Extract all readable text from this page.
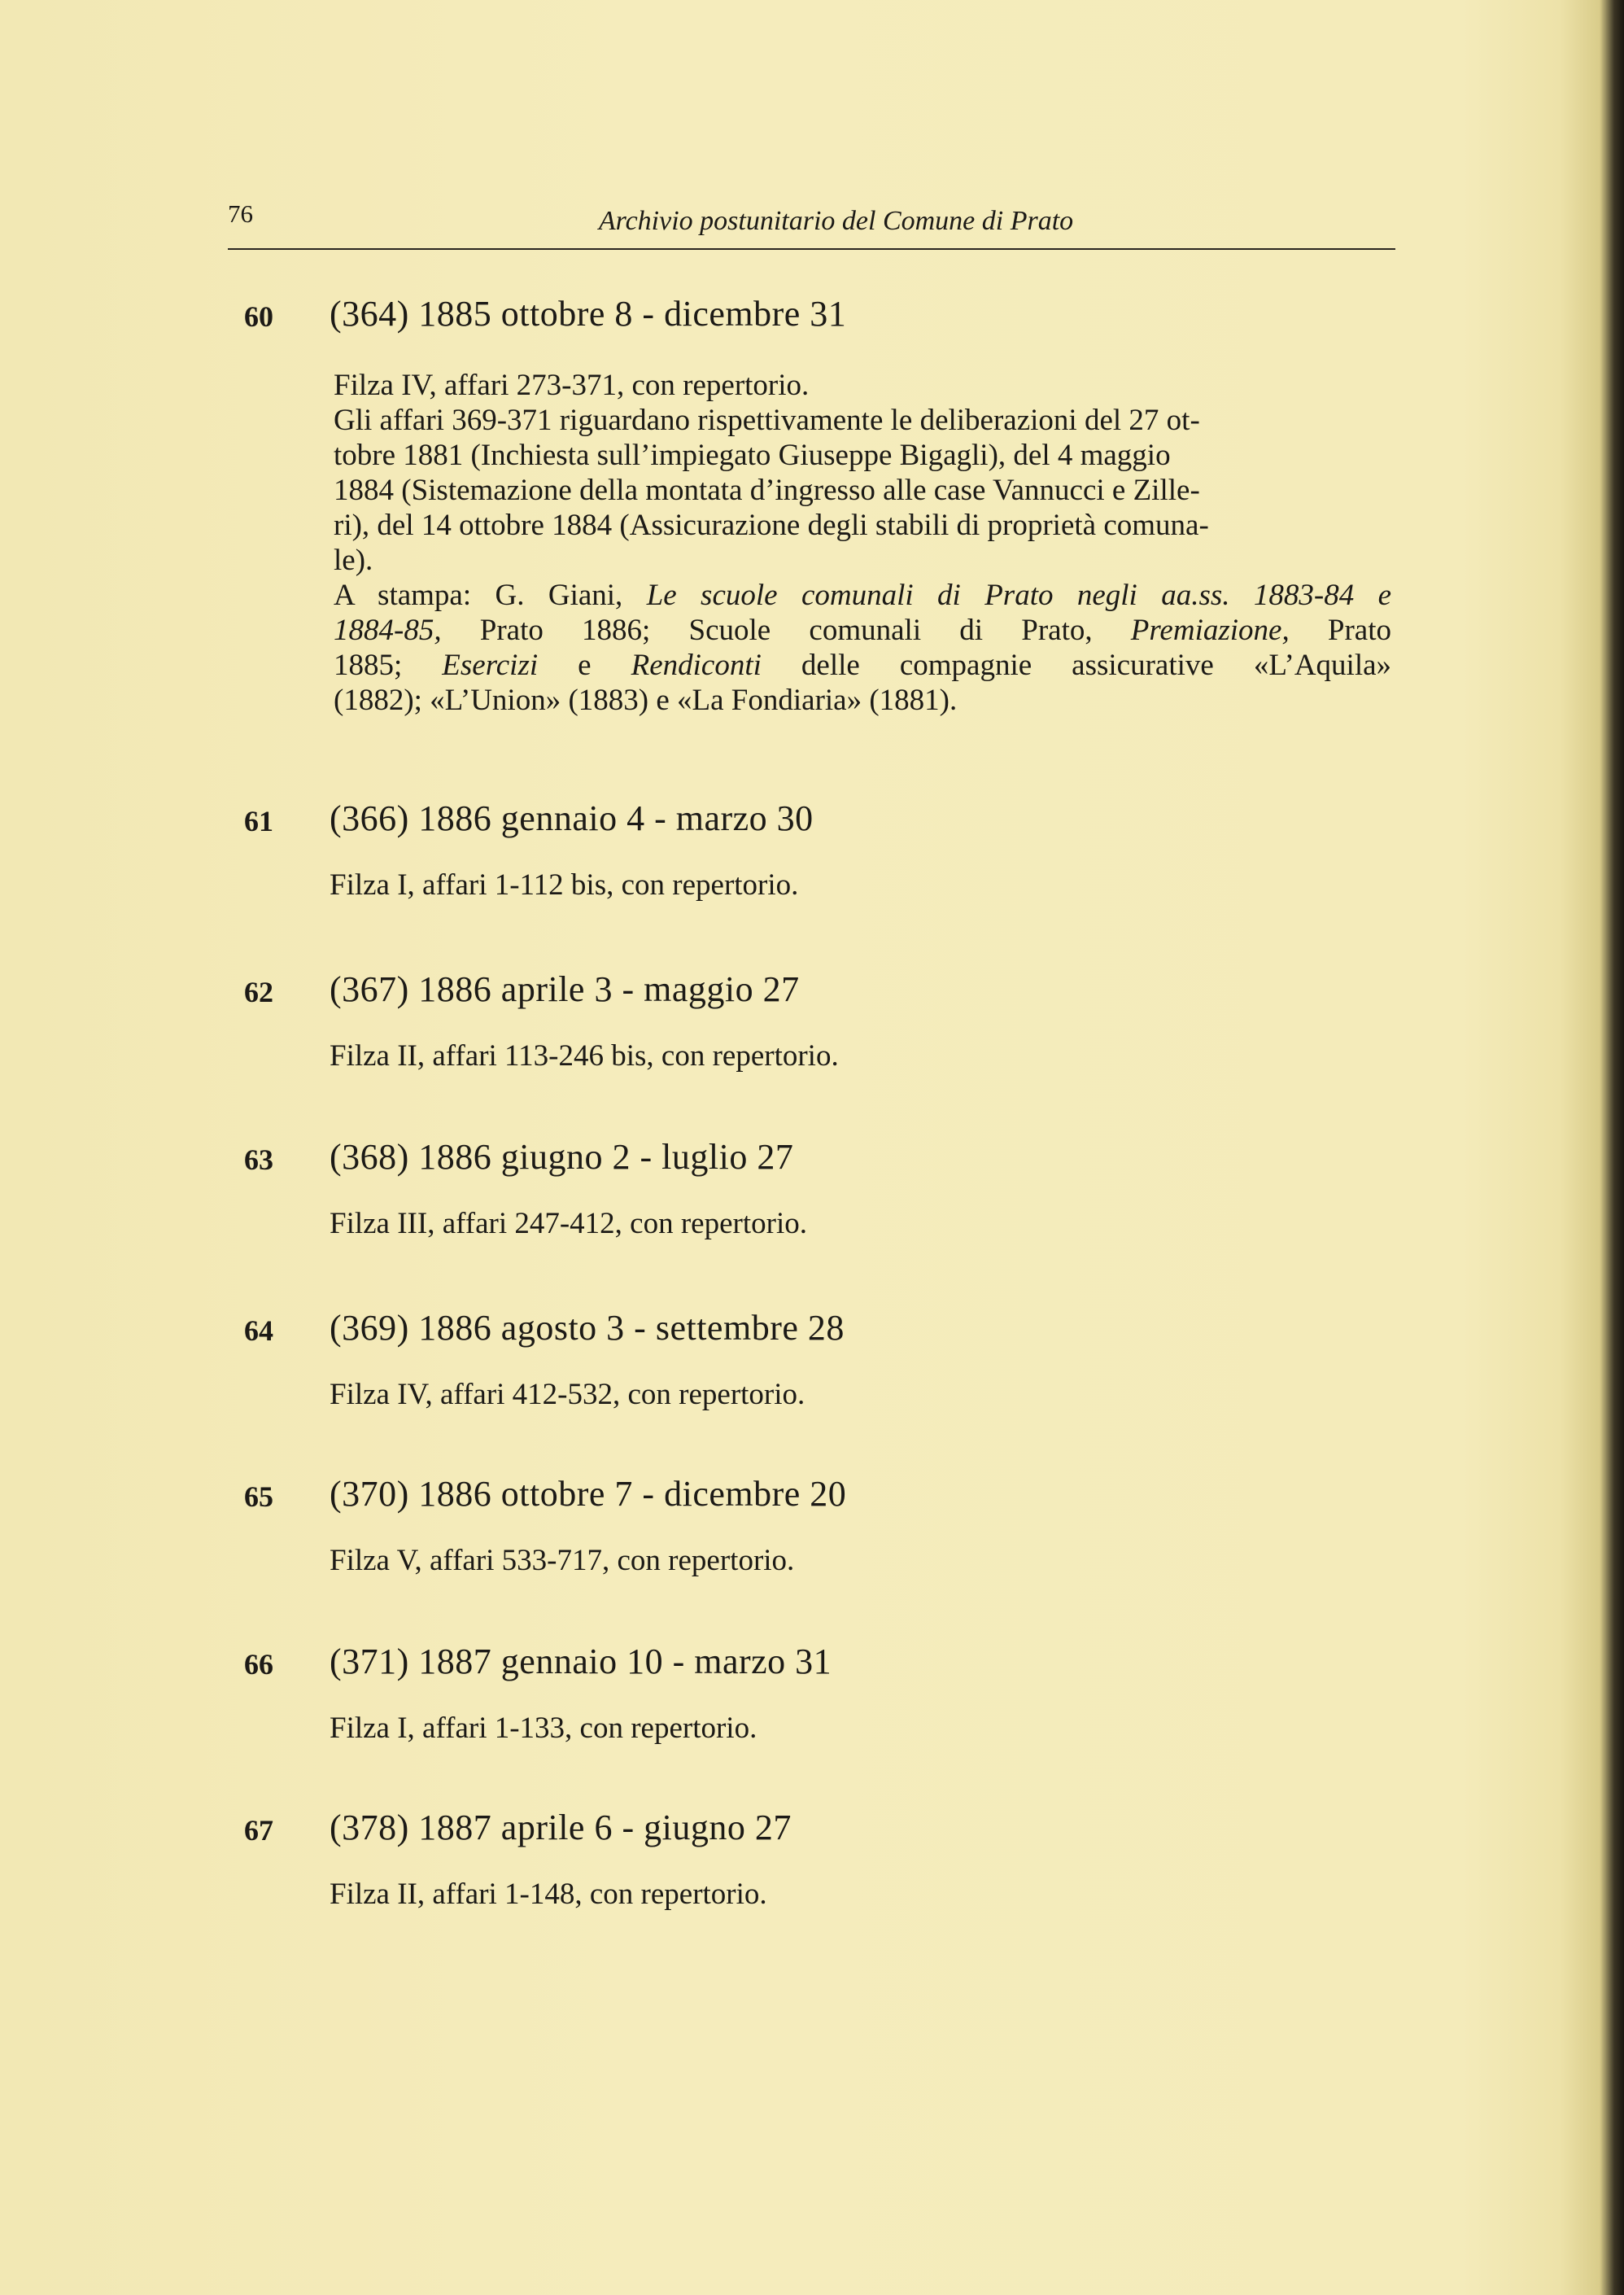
76	Archivio postunitario del Comune di Prato
60	(364) 1885 ottobre 8 - dicembre 31
Filza IV, affari 273-371, con repertorio.
Gli affari 369-371 riguardano rispettivamente le deliberazioni del 27 ot-
tobre 1881 (Inchiesta sull’impiegato Giuseppe Bigagli), del 4 maggio
1884 (Sistemazione della montata d’ingresso alle case Vannucci e Zille-
ri), del 14 ottobre 1884 (Assicurazione degli stabili di proprietà comuna-
le).
A stampa: G. Giani, Le scuole comunali di Prato negli aa.ss. 1883-84 e
1884-85, Prato 1886; Scuole comunali di Prato, Premiazione, Prato
1885; Esercizi e Rendiconti delle compagnie assicurative «L’Aquila»
(1882); «L’Union» (1883) e «La Fondiaria» (1881).
61	(366) 1886 gennaio 4 - marzo 30
Filza I, affari 1-112 bis, con repertorio.
62	(367) 1886 aprile 3 - maggio 27
Filza II, affari 113-246 bis, con repertorio.
63	(368) 1886 giugno 2 - luglio 27
Filza III, affari 247-412, con repertorio.
64	(369) 1886 agosto 3 - settembre 28
Filza IV, affari 412-532, con repertorio.
65	(370) 1886 ottobre 7 - dicembre 20
Filza V, affari 533-717, con repertorio.
66	(371) 1887 gennaio 10 - marzo 31
Filza I, affari 1-133, con repertorio.
67	(378) 1887 aprile 6 - giugno 27
Filza II, affari 1-148, con repertorio.
